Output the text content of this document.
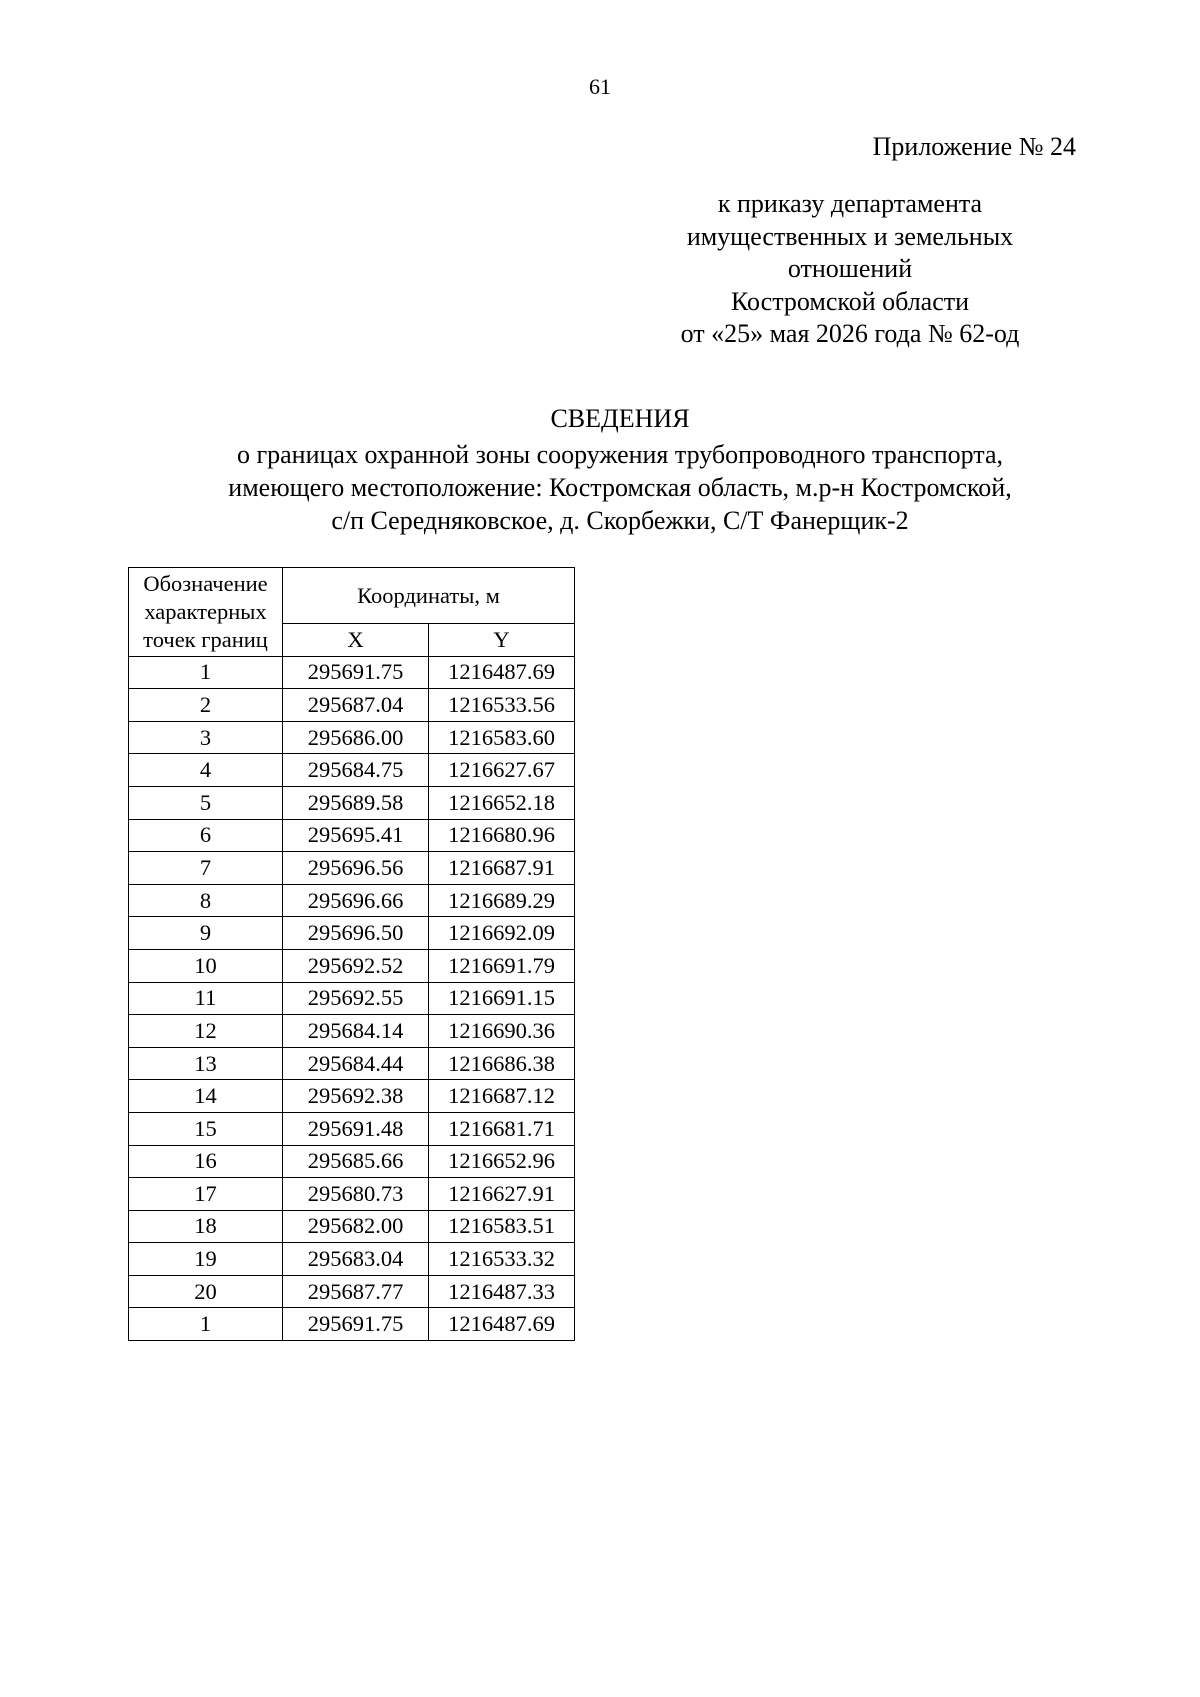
61
Приложение № 24
к приказу департамента
имущественных и земельных
отношений
Костромской области
от «25» мая 2026 года № 62-од
СВЕДЕНИЯ
о границах охранной зоны сооружения трубопроводного транспорта,
имеющего местоположение: Костромская область, м.р-н Костромской,
с/п Середняковское, д. Скорбежки, С/Т Фанерщик-2
Обозначение
характерных
точек границ	Координаты, м	
	X	Y
1	295691.75	1216487.69
2	295687.04	1216533.56
3	295686.00	1216583.60
4	295684.75	1216627.67
5	295689.58	1216652.18
6	295695.41	1216680.96
7	295696.56	1216687.91
8	295696.66	1216689.29
9	295696.50	1216692.09
10	295692.52	1216691.79
11	295692.55	1216691.15
12	295684.14	1216690.36
13	295684.44	1216686.38
14	295692.38	1216687.12
15	295691.48	1216681.71
16	295685.66	1216652.96
17	295680.73	1216627.91
18	295682.00	1216583.51
19	295683.04	1216533.32
20	295687.77	1216487.33
1	295691.75	1216487.69
